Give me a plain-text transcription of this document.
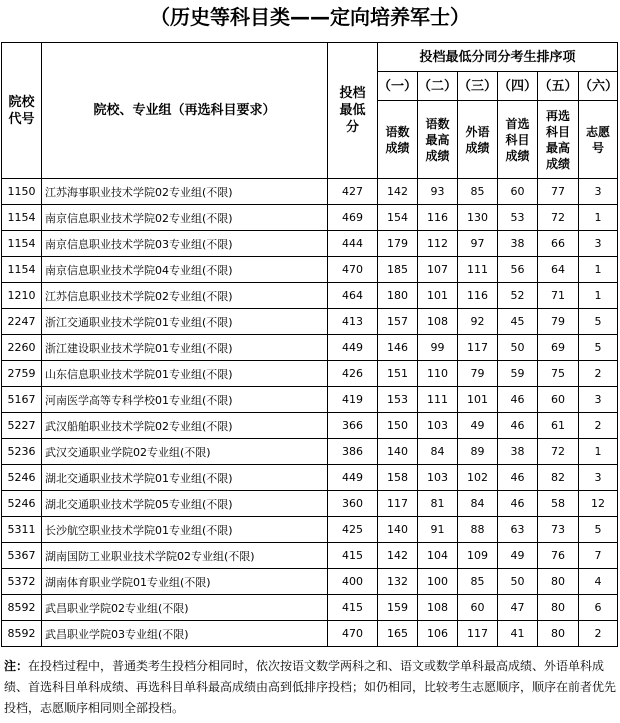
（历史等科目类——定向培养军士）
院校代号	院校、专业组（再选科目要求）	投档最低分	投档最低分同分考生排序项					
			（一）	（二）	（三）	（四）	（五）	（六）

			语数成绩	语数最高成绩	外语成绩	首选科目成绩	再选科目最高成绩	志愿号

1150	江苏海事职业技术学院02专业组(不限)	427	142	93	85	60	77	3
1154	南京信息职业技术学院02专业组(不限)	469	154	116	130	53	72	1
1154	南京信息职业技术学院03专业组(不限)	444	179	112	97	38	66	3
1154	南京信息职业技术学院04专业组(不限)	470	185	107	111	56	64	1
1210	江苏信息职业技术学院02专业组(不限)	464	180	101	116	52	71	1
2247	浙江交通职业技术学院01专业组(不限)	413	157	108	92	45	79	5
2260	浙江建设职业技术学院01专业组(不限)	449	146	99	117	50	69	5
2759	山东信息职业技术学院01专业组(不限)	426	151	110	79	59	75	2
5167	河南医学高等专科学校01专业组(不限)	419	153	111	101	46	60	3
5227	武汉船舶职业技术学院02专业组(不限)	366	150	103	49	46	61	2
5236	武汉交通职业学院02专业组(不限)	386	140	84	89	38	72	1
5246	湖北交通职业技术学院01专业组(不限)	449	158	103	102	46	82	3
5246	湖北交通职业技术学院05专业组(不限)	360	117	81	84	46	58	12
5311	长沙航空职业技术学院01专业组(不限)	425	140	91	88	63	73	5
5367	湖南国防工业职业技术学院02专业组(不限)	415	142	104	109	49	76	7
5372	湖南体育职业学院01专业组(不限)	400	132	100	85	50	80	4
8592	武昌职业学院02专业组(不限)	415	159	108	60	47	80	6
8592	武昌职业学院03专业组(不限)	470	165	106	117	41	80	2
注：在投档过程中，普通类考生投档分相同时，依次按语文数学两科之和、语文或数学单科最高成绩、外语单科成绩、首选科目单科成绩、再选科目单科最高成绩由高到低排序投档；如仍相同，比较考生志愿顺序，顺序在前者优先投档，志愿顺序相同则全部投档。
